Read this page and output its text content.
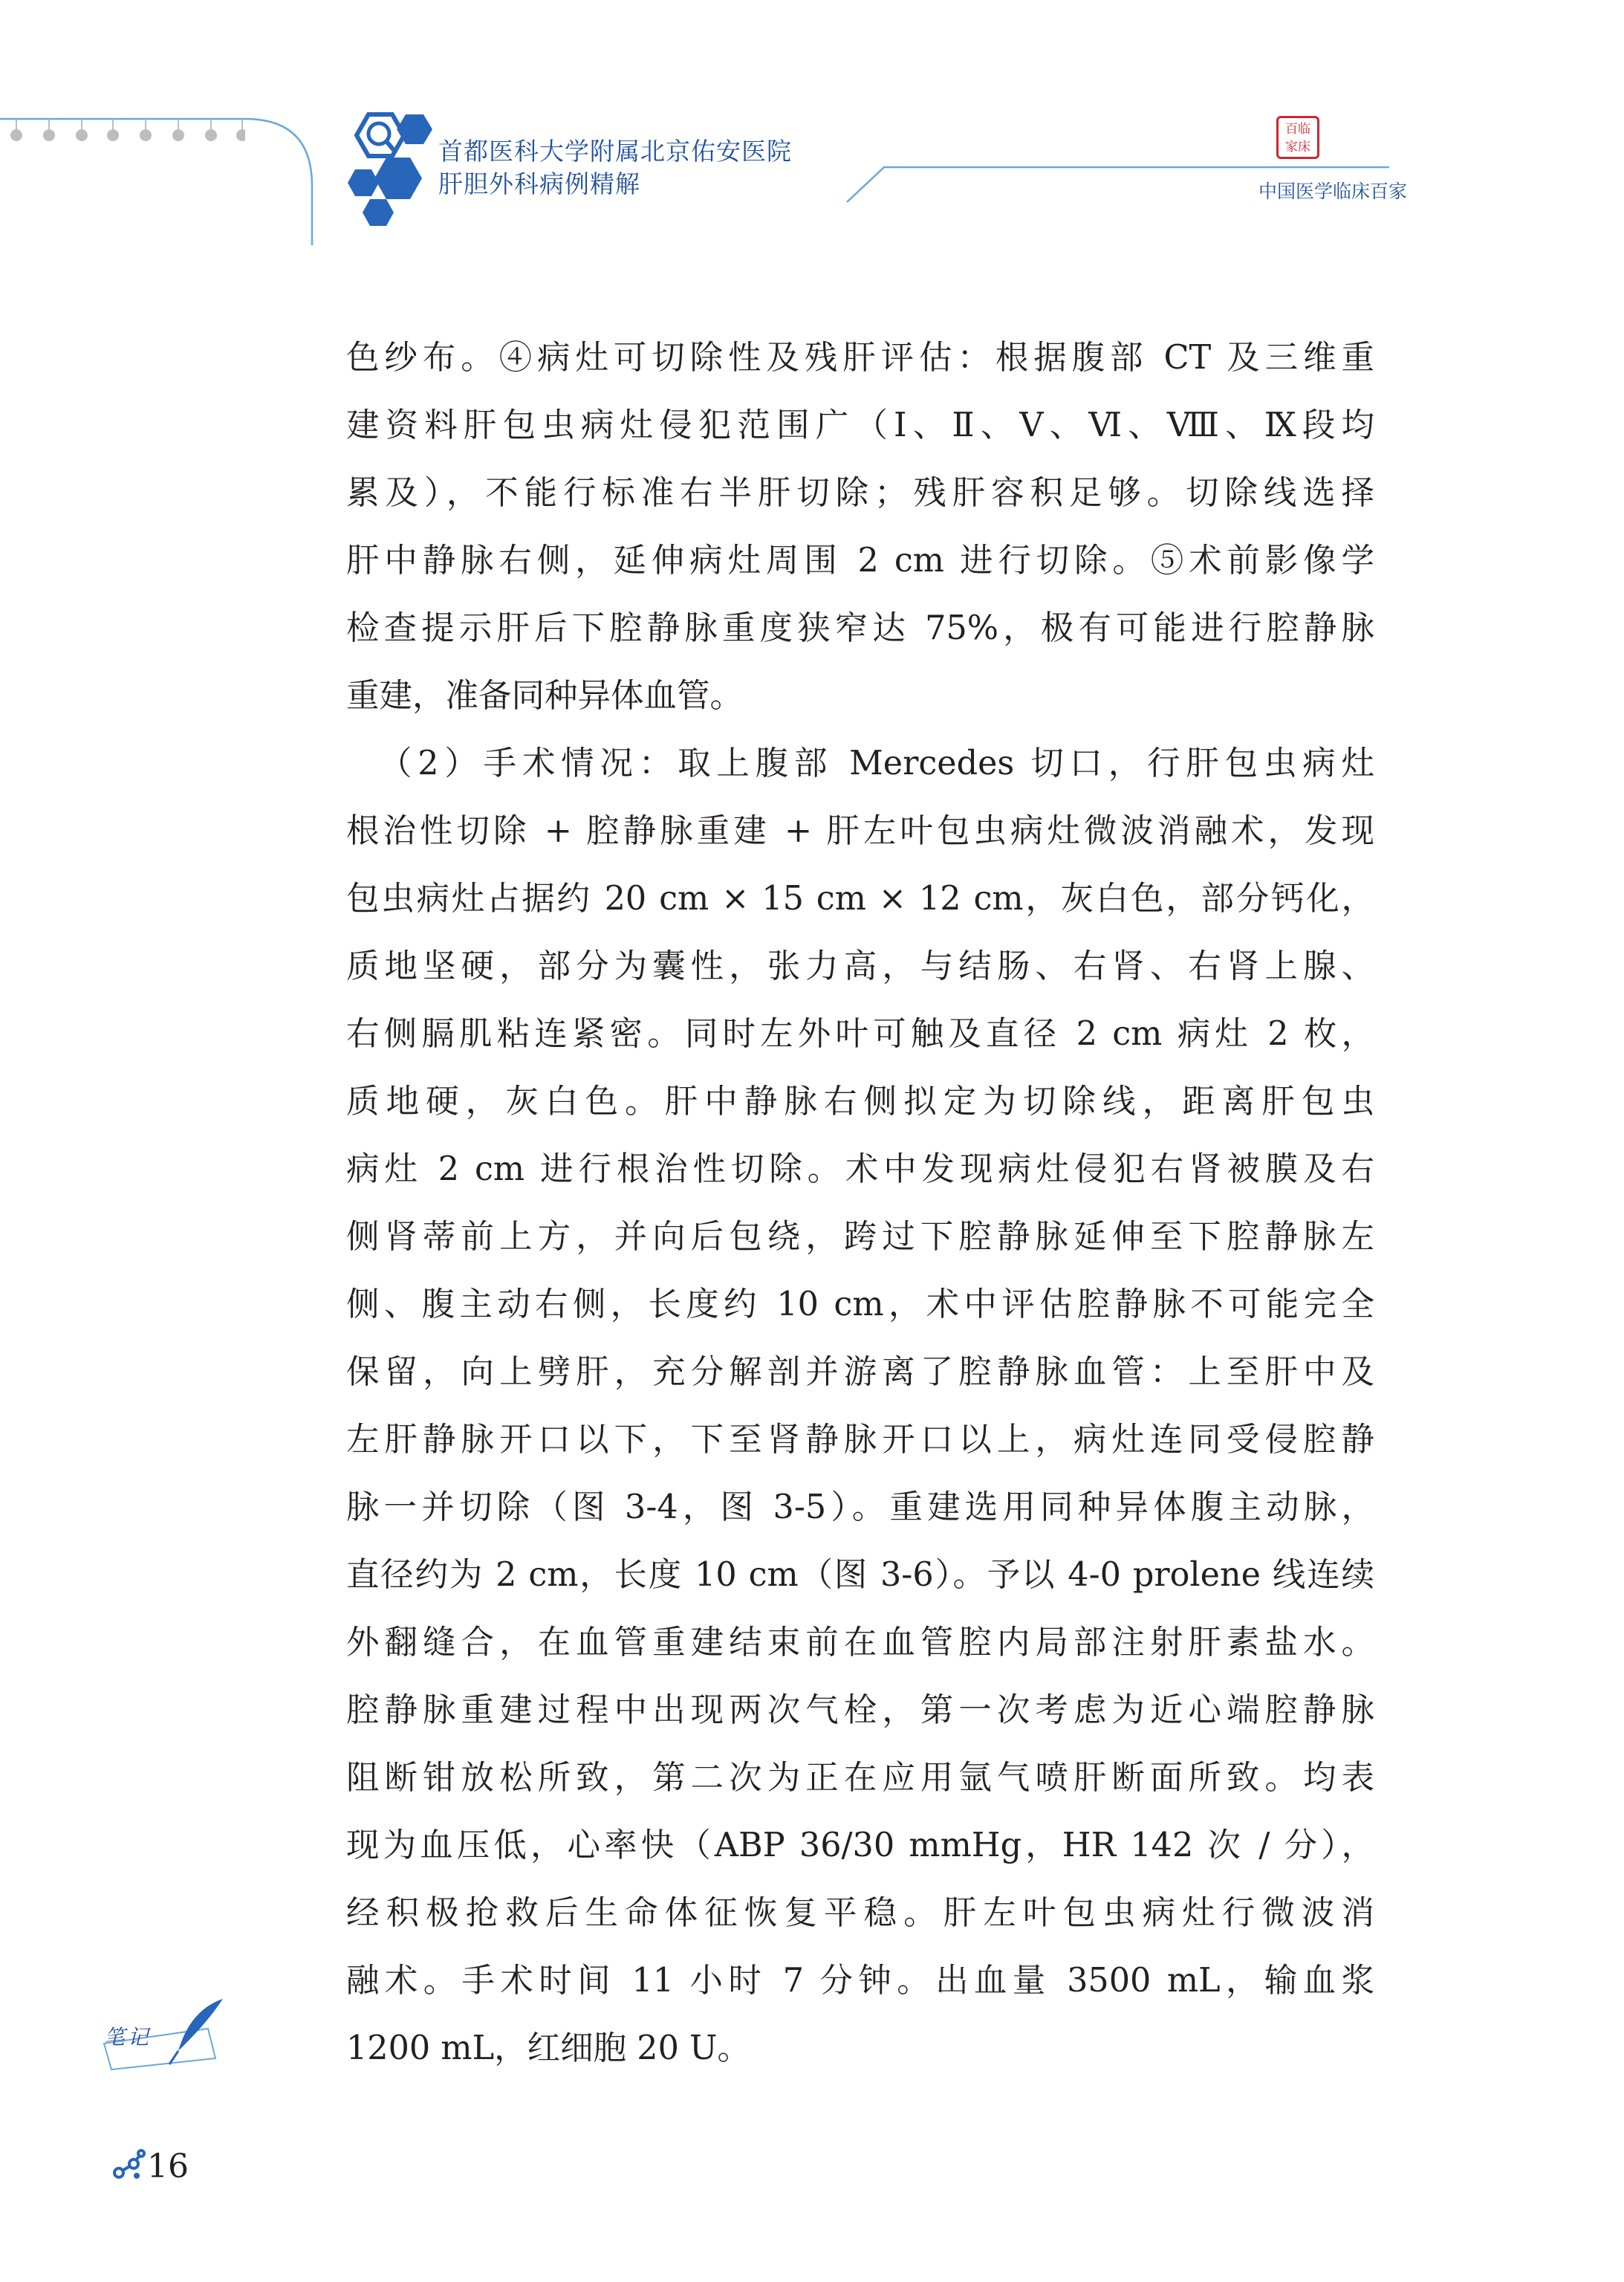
首都医科大学附属北京佑安医院
肝胆外科病例精解
百临
家床
中国医学临床百家
色纱布。④病灶可切除性及残肝评估：根据腹部 CT 及三维重
建资料肝包虫病灶侵犯范围广（Ⅰ、Ⅱ、Ⅴ、Ⅵ、Ⅷ、Ⅸ段均
累及），不能行标准右半肝切除；残肝容积足够。切除线选择
肝中静脉右侧，延伸病灶周围 2 cm 进行切除。⑤术前影像学
检查提示肝后下腔静脉重度狭窄达 75%，极有可能进行腔静脉
重建，准备同种异体血管。
（2）手术情况：取上腹部 Mercedes 切口，行肝包虫病灶
根治性切除 + 腔静脉重建 + 肝左叶包虫病灶微波消融术，发现
包虫病灶占据约 20 cm × 15 cm × 12 cm，灰白色，部分钙化，
质地坚硬，部分为囊性，张力高，与结肠、右肾、右肾上腺、
右侧膈肌粘连紧密。同时左外叶可触及直径 2 cm 病灶 2 枚，
质地硬，灰白色。肝中静脉右侧拟定为切除线，距离肝包虫
病灶 2 cm 进行根治性切除。术中发现病灶侵犯右肾被膜及右
侧肾蒂前上方，并向后包绕，跨过下腔静脉延伸至下腔静脉左
侧、腹主动右侧，长度约 10 cm，术中评估腔静脉不可能完全
保留，向上劈肝，充分解剖并游离了腔静脉血管：上至肝中及
左肝静脉开口以下，下至肾静脉开口以上，病灶连同受侵腔静
脉一并切除（图 3-4，图 3-5）。重建选用同种异体腹主动脉，
直径约为 2 cm，长度 10 cm（图 3-6）。予以 4-0 prolene 线连续
外翻缝合，在血管重建结束前在血管腔内局部注射肝素盐水。
腔静脉重建过程中出现两次气栓，第一次考虑为近心端腔静脉
阻断钳放松所致，第二次为正在应用氩气喷肝断面所致。均表
现为血压低，心率快（ABP 36/30 mmHg，HR 142 次 / 分），
经积极抢救后生命体征恢复平稳。肝左叶包虫病灶行微波消
融术。手术时间 11 小时 7 分钟。出血量 3500 mL，输血浆
1200 mL，红细胞 20 U。
笔记
16
